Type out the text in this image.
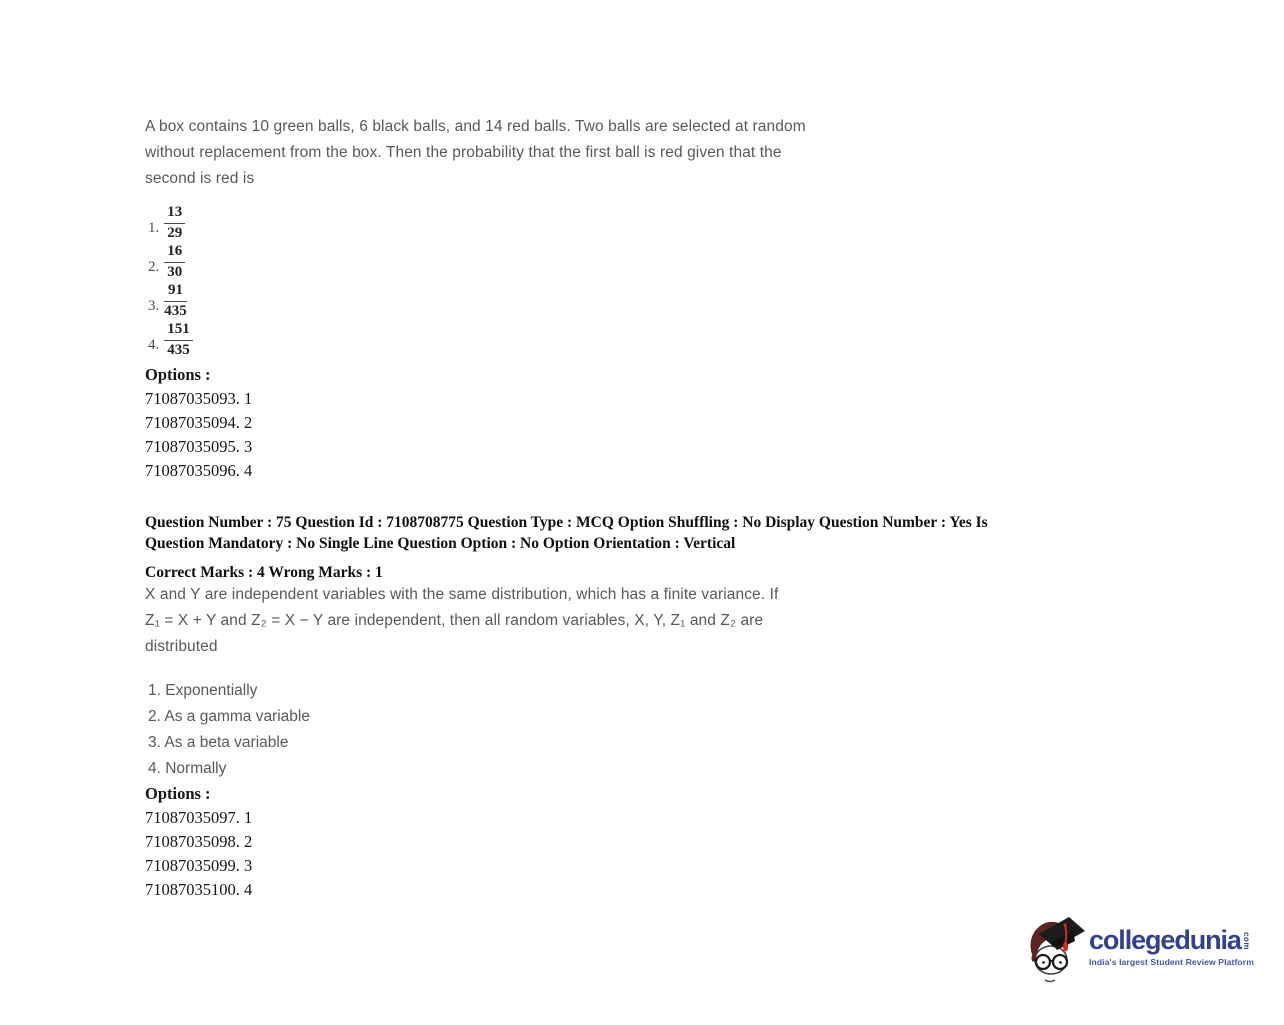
A box contains 10 green balls, 6 black balls, and 14 red balls. Two balls are selected at random
without replacement from the box. Then the probability that the first ball is red given that the
second is red is
1. $\frac{13}{29}$
2. $\frac{16}{30}$
3. $\frac{91}{435}$
4. $\frac{151}{435}$
Options :
71087035093. 1
71087035094. 2
71087035095. 3
71087035096. 4
Question Number : 75 Question Id : 7108708775 Question Type : MCQ Option Shuffling : No Display Question Number : Yes Is
Question Mandatory : No Single Line Question Option : No Option Orientation : Vertical
Correct Marks : 4 Wrong Marks : 1
X and Y are independent variables with the same distribution, which has a finite variance. If
Z₁ = X + Y and Z₂ = X − Y are independent, then all random variables, X, Y, Z₁ and Z₂ are
distributed
1. Exponentially
2. As a gamma variable
3. As a beta variable
4. Normally
Options :
71087035097. 1
71087035098. 2
71087035099. 3
71087035100. 4
collegedunia com
India's largest Student Review Platform
